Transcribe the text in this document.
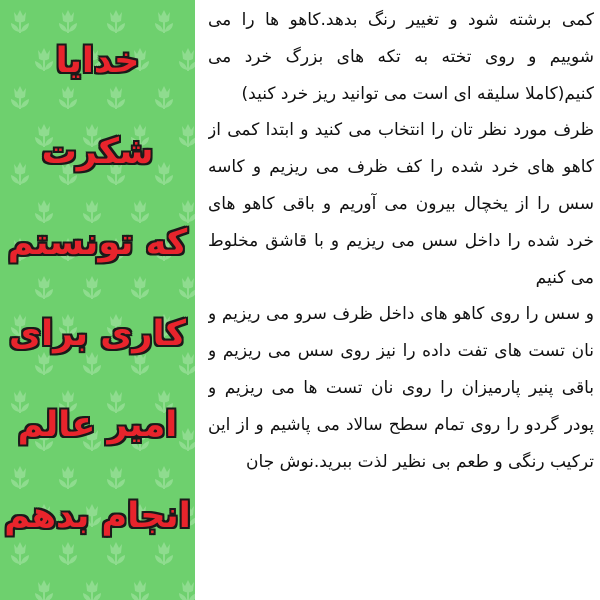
خدایا
شکرت
که تونستم
کاری برای
امیر عالم
انجام بدهم

کمی برشته شود و تغییر رنگ بدهد.کاهو ها را می شوییم و روی تخته به تکه های بزرگ خرد می کنیم(کاملا سلیقه ای است می توانید ریز خرد کنید)

ظرف مورد نظر تان را انتخاب می کنید و ابتدا کمی از کاهو های خرد شده را کف ظرف می ریزیم و کاسه سس را از یخچال بیرون می آوریم و باقی کاهو های خرد شده را داخل سس می ریزیم و با قاشق مخلوط می کنیم

و سس را روی کاهو های داخل ظرف سرو می ریزیم و نان تست های تفت داده را نیز روی سس می ریزیم و باقی پنیر پارمیزان را روی نان تست ها می ریزیم و پودر گردو را روی تمام سطح سالاد می پاشیم و از این ترکیب رنگی و طعم بی نظیر لذت ببرید.نوش جان
